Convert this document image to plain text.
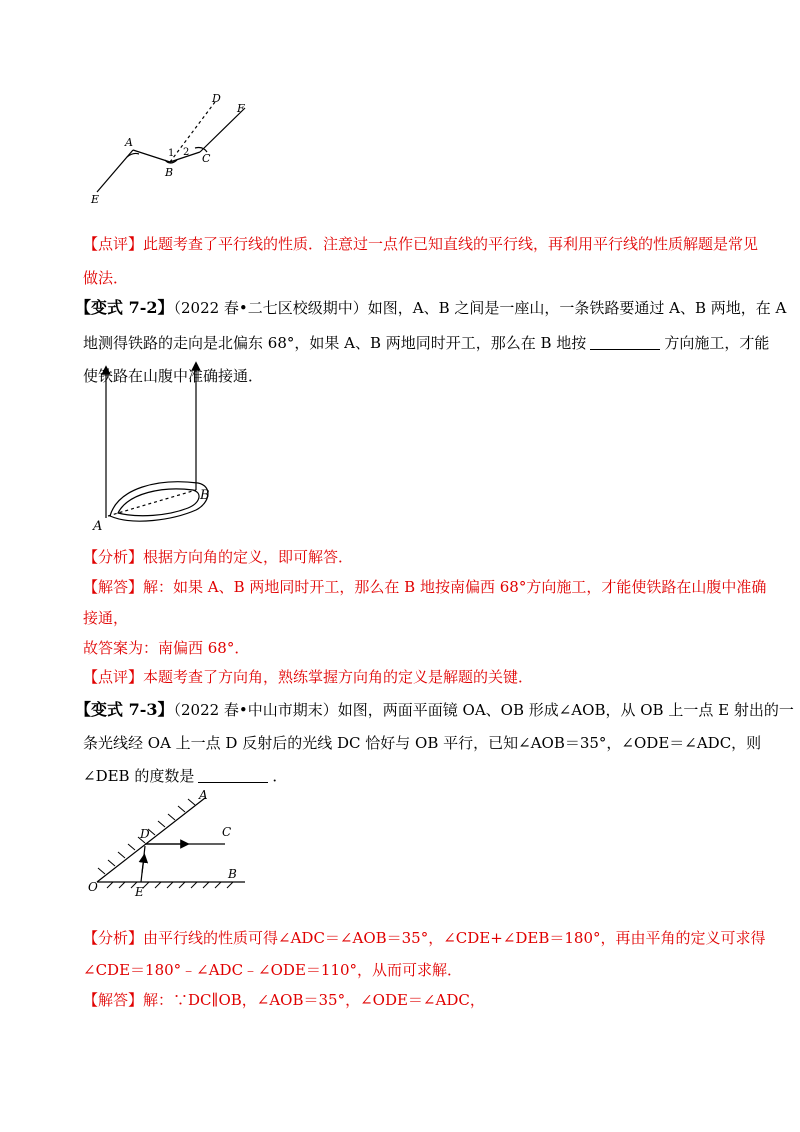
E
A
B
C
D
F
1 2
【点评】此题考查了平行线的性质．注意过一点作已知直线的平行线，再利用平行线的性质解题是常见
做法．
【变式 7-2】（2022 春•二七区校级期中）如图，A、B 之间是一座山，一条铁路要通过 A、B 两地，在 A
地测得铁路的走向是北偏东 68°，如果 A、B 两地同时开工，那么在 B 地按	方向施工，才能
使铁路在山腹中准确接通．
A
B
【分析】根据方向角的定义，即可解答．
【解答】解：如果 A、B 两地同时开工，那么在 B 地按南偏西 68°方向施工，才能使铁路在山腹中准确
接通，
故答案为：南偏西 68°．
【点评】本题考查了方向角，熟练掌握方向角的定义是解题的关键．
【变式 7-3】（2022 春•中山市期末）如图，两面平面镜 OA、OB 形成∠AOB，从 OB 上一点 E 射出的一
条光线经 OA 上一点 D 反射后的光线 DC 恰好与 OB 平行，已知∠AOB＝35°，∠ODE＝∠ADC，则
∠DEB 的度数是	．
A
C
D
B
O	E
【分析】由平行线的性质可得∠ADC＝∠AOB＝35°，∠CDE+∠DEB＝180°，再由平角的定义可求得
∠CDE＝180°﹣∠ADC﹣∠ODE＝110°，从而可求解．
【解答】解：∵DC∥OB，∠AOB＝35°，∠ODE＝∠ADC，
